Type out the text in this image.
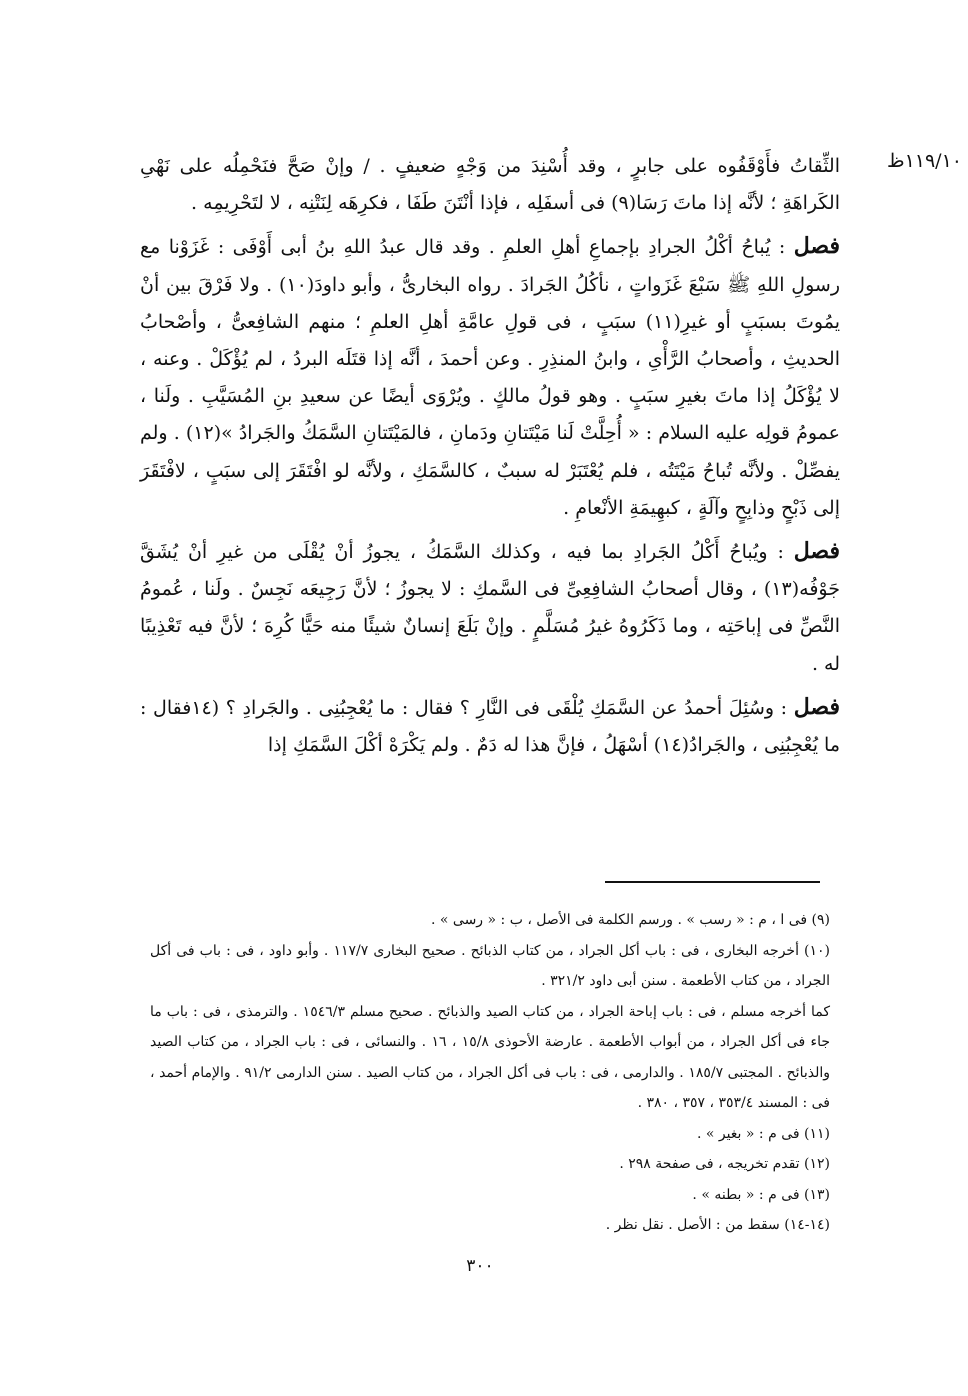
١١٩/١٠ظ

الثِّقاتُ فأَوْقَفُوه على جابرٍ ، وقد أُسْنِدَ من وَجْهٍ ضعيفٍ . / وإنْ صَحَّ فنَحْمِلُه على نَهْىِ الكَراهَةِ ؛ لأنَّه إذا ماتَ رَسَا(٩) فى أسفَلِه ، فإذا أنْتَنَ طَفَا ، فكرِهَه لِنَتْنِه ، لا لتَحْرِيمِه .

فصل : يُباحُ أكْلُ الجرادِ بإجماعِ أهلِ العلمِ . وقد قال عبدُ اللهِ بنُ أبى أَوْفَى : غَزَوْنا مع رسولِ اللهِ ﷺ سَبْعَ غَزَواتٍ ، نأكُلُ الجَرادَ . رواه البخارىُّ ، وأبو داودَ(١٠) . ولا فَرْقَ بين أنْ يمُوتَ بسبَبٍ أو غيرِ(١١) سبَبٍ ، فى قولِ عامَّةِ أهلِ العلمِ ؛ منهم الشافِعىُّ ، وأصْحابُ الحديثِ ، وأصحابُ الرَّأْىِ ، وابنُ المنذِرِ . وعن أحمدَ ، أنَّه إذا قتَلَه البردُ ، لم يُؤْكَلْ . وعنه ، لا يُؤْكَلُ إذا ماتَ بغيرِ سبَبٍ . وهو قولُ مالكٍ . ويُرْوَى أيضًا عن سعيدِ بنِ المُسَيَّبِ . ولَنا ، عمومُ قولِه عليه السلام : « أُحِلَّتْ لَنا مَيْتَتانِ ودَمانِ ، فالمَيْتَتانِ السَّمَكُ والجَرادُ »(١٢) . ولم يفصِّلْ . ولأنَّه تُباحُ مَيْتَتُه ، فلم يُعْتَبَرْ له سببٌ ، كالسَّمَكِ ، ولأنَّه لو افْتَقَرَ إلى سبَبٍ ، لافْتَقَرَ إلى ذَبْحٍ وذابِحٍ وآلَةٍ ، كبهِيمَةِ الأنْعامِ .

فصل : ويُباحُ أَكْلُ الجَرادِ بما فيه ، وكذلك السَّمَكُ ، يجوزُ أنْ يُقْلَى من غيرِ أنْ يُشَقَّ جَوْفُه(١٣) ، وقال أصحابُ الشافِعِىِّ فى السَّمكِ : لا يجوزُ ؛ لأنَّ رَجِيعَه نَجِسٌ . ولَنا ، عُمومُ النَّصِّ فى إباحَتِه ، وما ذَكَرُوهُ غيرُ مُسَلَّمٍ . وإنْ بَلَعَ إنسانٌ شيئًا منه حَيًّا كُرِهَ ؛ لأنَّ فيه تَعْذِيبًا له .

فصل : وسُئِلَ أحمدُ عن السَّمَكِ يُلْقَى فى النَّارِ ؟ فقال : ما يُعْجِبُنِى . والجَرادِ ؟ (١٤فقال : ما يُعْجِبُنِى ، والجَرادُ(١٤) أسْهَلُ ، فإنَّ هذا له دَمٌ . ولم يَكْرَهْ أكْلَ السَّمَكِ إذا

(٩) فى ا ، م : « رسب » . ورسم الكلمة فى الأصل ، ب : « رسى » .
(١٠) أخرجه البخارى ، فى : باب أكل الجراد ، من كتاب الذبائح . صحيح البخارى ١١٧/٧ . وأبو داود ، فى : باب فى أكل الجراد ، من كتاب الأطعمة . سنن أبى داود ٣٢١/٢ .
كما أخرجه مسلم ، فى : باب إباحة الجراد ، من كتاب الصيد والذبائح . صحيح مسلم ١٥٤٦/٣ . والترمذى ، فى : باب ما جاء فى أكل الجراد ، من أبواب الأطعمة . عارضة الأحوذى ١٥/٨ ، ١٦ . والنسائى ، فى : باب الجراد ، من كتاب الصيد والذبائح . المجتبى ١٨٥/٧ . والدارمى ، فى : باب فى أكل الجراد ، من كتاب الصيد . سنن الدارمى ٩١/٢ . والإمام أحمد ، فى : المسند ٣٥٣/٤ ، ٣٥٧ ، ٣٨٠ .
(١١) فى م : « بغير » .
(١٢) تقدم تخريجه ، فى صفحة ٢٩٨ .
(١٣) فى م : « بطنه » .
(١٤-١٤) سقط من : الأصل . نقل نظر .
٣٠٠
